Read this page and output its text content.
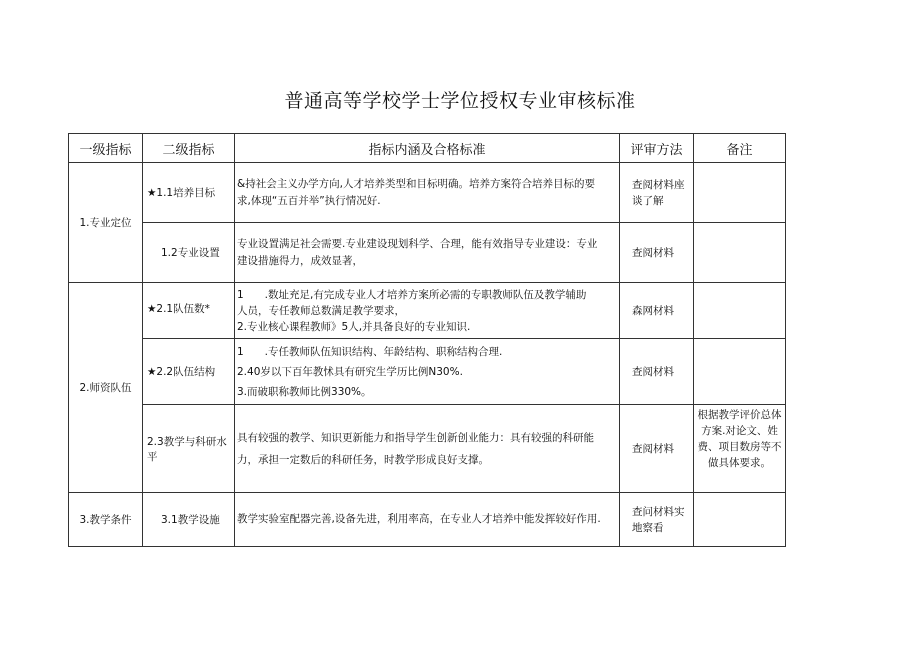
普通高等学校学士学位授权专业审核标准
一级指标	二级指标	指标内涵及合格标准	评审方法	备注
1.专业定位	★1.1培养目标	&持社会主义办学方向,人才培养类型和目标明确。培养方案符合培养目标的要
求,体现“五百并举”执行情况好.	查阅材料座
谈了解	

	1.2专业设置	专业设置满足社会需要.专业建设现划科学、合理，能有效指导专业建设：专业
建设措施得力，成效显著，	查阅材料	

2.师资队伍	★2.1队伍数*	1　　.数址充足,有完成专业人才培养方案所必需的专职教师队伍及教学辅助
人员，专任教师总数满足教学要求，
2.专业核心课程教师》5人,并具备良好的专业知识.	森网材料	

	★2.2队伍结构	1　　.专任教师队伍知识结构、年龄结构、职称结构合理.
2.40岁以下百年教怵具有研究生学历比例N30%.
3.而破职称教师比例330%。	查阅材料	

	2.3教学与科研水平	具有较强的教学、知识更新能力和指导学生创新创业能力：具有较强的科研能
力，承担一定数后的科研任务，时教学形成良好支撑。	查阅材料	根据教学评价总体
方案.对论文、姓
费、项目数房等不
做具体要求。

3.教学条件	3.1教学设施	教学实验室配器完善,设备先进，利用率高，在专业人才培养中能发挥较好作用.	查问材料实
地察看	
